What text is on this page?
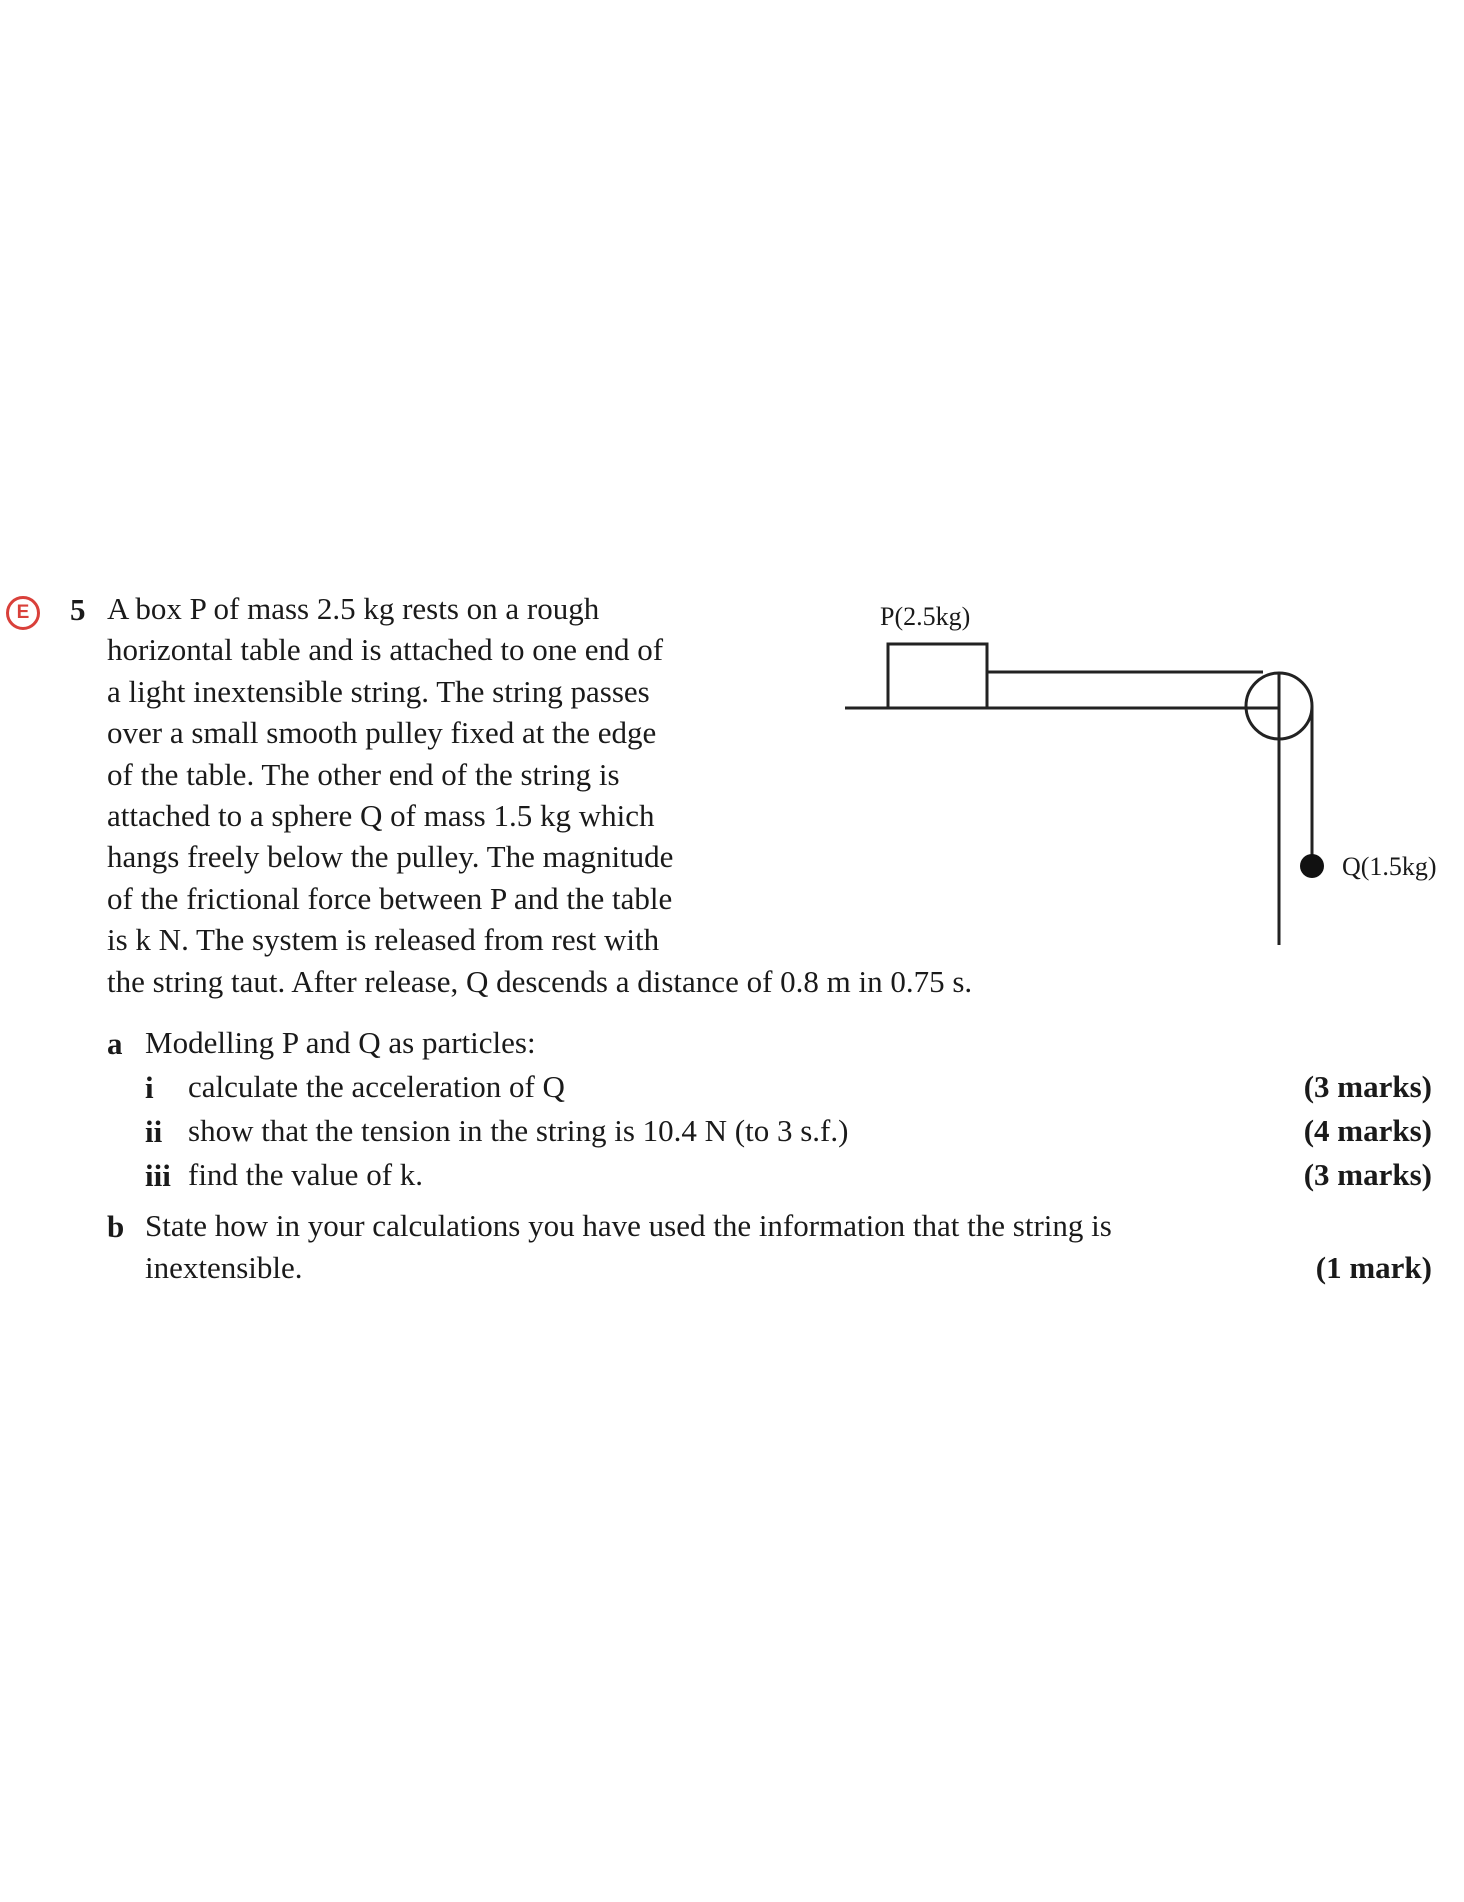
E	5 A box P of mass 2.5 kg rests on a rough
horizontal table and is attached to one end of
a light inextensible string. The string passes
over a small smooth pulley fixed at the edge
of the table. The other end of the string is
attached to a sphere Q of mass 1.5 kg which
hangs freely below the pulley. The magnitude
of the frictional force between P and the table
is k N. The system is released from rest with
the string taut. After release, Q descends a distance of 0.8 m in 0.75 s.
P(2.5kg)
Q(1.5kg)
a Modelling P and Q as particles:
i calculate the acceleration of Q	(3 marks)
ii show that the tension in the string is 10.4 N (to 3 s.f.)	(4 marks)
iii find the value of k.	(3 marks)
b State how in your calculations you have used the information that the string is
inextensible.	(1 mark)
